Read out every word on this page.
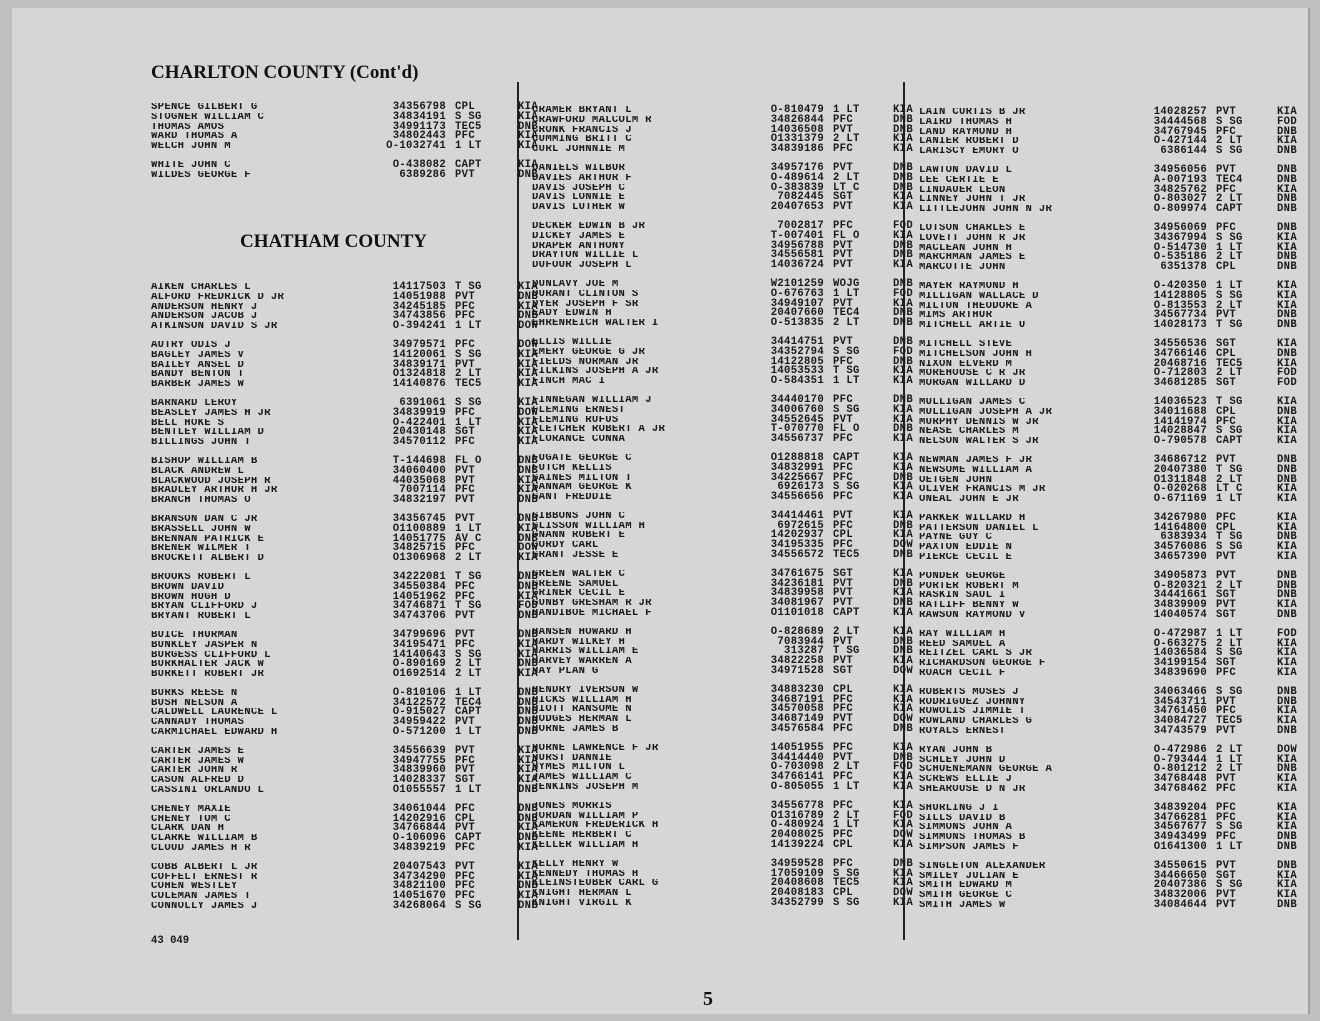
CHARLTON COUNTY (Cont'd)
SPENCE GILBERT G	34356798 CPL	KIA
STOGNER WILLIAM C	34834191 S SG	KIA
THOMAS AMOS	34991173 TEC5	DNB
WARD THOMAS A	34802443 PFC	KIA
WELCH JOHN M	O-1032741 1 LT	KIA
WHITE JOHN C	O-438082 CAPT	KIA
WILDES GEORGE F	6389286 PVT	DNB
CHATHAM COUNTY
AIKEN CHARLES L	14117503 T SG	KIA
ALFORD FREDRICK D JR	14051988 PVT	DNB
ANDERSON HENRY J	34245185 PFC	KIA
ANDERSON JACOB J	34743856 PFC	DNB
ATKINSON DAVID S JR	O-394241 1 LT	DOW
AUTRY ODIS J	34979571 PFC	DOW
BAGLEY JAMES V	14120061 S SG	KIA
BAILEY ANSEL D	34839171 PVT	KIA
BANDY BENTON T	O1324818 2 LT	KIA
BARBER JAMES W	14140876 TEC5	KIA
BARNARD LEROY	6391061 S SG	KIA
BEASLEY JAMES H JR	34839919 PFC	DOW
BELL HOKE S	O-422401 1 LT	KIA
BENTLEY WILLIAM D	20430148 SGT	KIA
BILLINGS JOHN T	34570112 PFC	KIA
BISHOP WILLIAM B	T-144698 FL O	DNB
BLACK ANDREW L	34060400 PVT	DNB
BLACKWOOD JOSEPH R	44035068 PVT	KIA
BRADLEY ARTHUR H JR	7007114 PFC	KIA
BRANCH THOMAS O	34832197 PVT	DNB
BRANSON DAN C JR	34356745 PVT	DNB
BRASSELL JOHN W	O1100889 1 LT	KIA
BRENNAN PATRICK E	14051775 AV C	DNB
BRENER WILMER T	34825715 PFC	DOW
BROCKETT ALBERT D	O1306968 2 LT	KIA
BROOKS ROBERT L	34222081 T SG	DNB
BROWN DAVID	34550384 PFC	DNB
BROWN HUGH D	14051962 PFC	KIA
BRYAN CLIFFORD J	34746871 T SG	FOD
BRYANT ROBERT L	34743706 PVT	DNB
BUICE THURMAN	34799696 PVT	DNB
BUNKLEY JASPER N	34195471 PFC	KIA
BURGESS CLIFFORD L	14140643 S SG	KIA
BURKHALTER JACK W	O-890169 2 LT	DNB
BURKETT ROBERT JR	O1692514 2 LT	KIA
BURKS REESE N	O-810106 1 LT	DNB
BUSH NELSON A	34122572 TEC4	DNB
CALDWELL LAURENCE L	O-915027 CAPT	DNB
CANNADY THOMAS	34959422 PVT	DNB
CARMICHAEL EDWARD H	O-571200 1 LT	DNB
CARTER JAMES E	34556639 PVT	KIA
CARTER JAMES W	34947755 PFC	KIA
CARTER JOHN R	34839960 PVT	KIA
CASON ALFRED D	14028337 SGT	KIA
CASSINI ORLANDO L	O1055557 1 LT	DNB
CHENEY MAXIE	34061044 PFC	DNB
CHENEY TOM C	14202916 CPL	DNB
CLARK DAN H	34766844 PVT	KIA
CLARKE WILLIAM B	O-106096 CAPT	DNB
CLOUD JAMES H R	34839219 PFC	KIA
COBB ALBERT L JR	20407543 PVT	KIA
COFFELT ERNEST R	34734290 PFC	KIA
COHEN WESTLEY	34821100 PFC	DNB
COLEMAN JAMES T	14051670 PFC	KIA
CONNOLLY JAMES J	34268064 S SG	DNB
CRAMER BRYANT L	O-810479 1 LT	KIA
CRAWFORD MALCOLM R	34826844 PFC	DNB
CRONK FRANCIS J	14036508 PVT	DNB
CUMMING BRITT C	O1331379 2 LT	KIA
CURL JOHNNIE M	34839186 PFC	KIA
DANIELS WILBUR	34957176 PVT	DNB
DAVIES ARTHUR F	O-489614 2 LT	DNB
DAVIS JOSEPH C	O-383839 LT C	DNB
DAVIS LONNIE E	7082445 SGT	KIA
DAVIS LUTHER W	20407653 PVT	KIA
DECKER EDWIN B JR	7002817 PFC	FOD
DICKEY JAMES E	T-007401 FL O	KIA
DRAPER ANTHONY	34956788 PVT	DNB
DRAYTON WILLIE L	34556581 PVT	DNB
DUFOUR JOSEPH L	14036724 PVT	KIA
DUNLAVY JOE M	W2101259 WOJG	DNB
DURANT CLINTON S	O-676763 1 LT	FOD
DYER JOSEPH F SR	34949107 PVT	KIA
EADY EDWIN H	20407660 TEC4	DNB
EHRENREICH WALTER I	O-513835 2 LT	DNB
ELLIS WILLIE	34414751 PVT	DNB
EMERY GEORGE G JR	34352794 S SG	FOD
FIELDS NORMAN JR	14122805 PFC	DNB
FILKINS JOSEPH A JR	14053533 T SG	KIA
FINCH MAC I	O-584351 1 LT	KIA
FINNEGAN WILLIAM J	34440170 PFC	DNB
FLEMING ERNEST	34006760 S SG	KIA
FLEMING RUFUS	34552645 PVT	KIA
FLETCHER ROBERT A JR	T-070770 FL O	DNB
FLORANCE CONNA	34556737 PFC	KIA
FUGATE GEORGE C	O1288818 CAPT	KIA
FUTCH KELLIS	34832991 PFC	KIA
GAINES MILTON T	34225667 PFC	DNB
GANNAM GEORGE K	6926173 S SG	KIA
GANT FREDDIE	34556656 PFC	KIA
GIBBONS JOHN C	34414461 PVT	KIA
GLISSON WILLIAM H	6972615 PFC	DNB
GNANN ROBERT E	14202937 CPL	KIA
GORDY CARL	34195335 PFC	DOW
GRANT JESSE E	34556572 TEC5	DNB
GREEN WALTER C	34761675 SGT	KIA
GREENE SAMUEL	34236181 PVT	DNB
GRINER CECIL E	34839958 PVT	KIA
GUNBY GRESHAM R JR	34081967 PVT	DNB
HANDIBOE MICHAEL F	O1101018 CAPT	KIA
HANSEN HOWARD H	O-828689 2 LT	KIA
HARDY WILKEY H	7083944 PVT	DNB
HARRIS WILLIAM E	313287 T SG	DNB
HARVEY WARREN A	34822258 PVT	KIA
HAY PLAN G	34971528 SGT	DOW
HENDRY IVERSON W	34883230 CPL	KIA
HICKS WILLIAM H	34687191 PFC	KIA
HIOTT RANSOME N	34570058 PFC	KIA
HODGES HERMAN L	34687149 PVT	DOW
HORNE JAMES B	34576584 PFC	DNB
HORNE LAWRENCE F JR	14051955 PFC	KIA
HURST DANNIE	34414440 PVT	DNB
HYMES MILTON L	O-703098 2 LT	FOD
JAMES WILLIAM C	34766141 PFC	KIA
JENKINS JOSEPH M	O-805055 1 LT	KIA
JONES MORRIS	34556778 PFC	KIA
JORDAN WILLIAM P	O1316789 2 LT	FOD
KAMERON FREDERICK H	O-480924 1 LT	KIA
KEENE HERBERT C	20408025 PFC	DOW
KELLER WILLIAM H	14139224 CPL	KIA
KELLY HENRY W	34959528 PFC	DNB
KENNEDY THOMAS H	17059109 S SG	KIA
KLEINSTEUBER CARL G	20408608 TEC5	KIA
KNIGHT HERMAN L	20408183 CPL	DOW
KNIGHT VIRGIL K	34352799 S SG	KIA
LAIN CURTIS B JR	14028257 PVT	KIA
LAIRD THOMAS H	34444568 S SG	FOD
LAND RAYMOND H	34767945 PFC	DNB
LANIER ROBERT D	O-427144 2 LT	KIA
LARISCY EMORY O	6386144 S SG	DNB
LAWTON DAVID L	34956056 PVT	DNB
LEE CERTIE E	A-007193 TEC4	DNB
LINDAUER LEON	34825762 PFC	KIA
LINNEY JOHN T JR	O-803027 2 LT	DNB
LITTLEJOHN JOHN N JR	O-809974 CAPT	DNB
LOTSON CHARLES E	34956069 PFC	DNB
LOVETT JOHN R JR	34367994 S SG	KIA
MACLEAN JOHN H	O-514730 1 LT	KIA
MARCHMAN JAMES E	O-535186 2 LT	DNB
MARCOTTE JOHN	6351378 CPL	DNB
MAYER RAYMOND H	O-420350 1 LT	KIA
MILLIGAN WALLACE D	14128805 S SG	KIA
MILTON THEODORE A	O-813553 2 LT	KIA
MIMS ARTHUR	34567734 PVT	DNB
MITCHELL ARTIE U	14028173 T SG	DNB
MITCHELL STEVE	34556536 SGT	KIA
MITCHELSON JOHN H	34766146 CPL	DNB
NIXON ELVERD M	20468716 TEC5	KIA
MOREHOUSE C R JR	O-712803 2 LT	FOD
MORGAN WILLARD D	34681285 SGT	FOD
MULLIGAN JAMES C	14036523 T SG	KIA
MULLIGAN JOSEPH A JR	34011688 CPL	DNB
MURPHY DENNIS W JR	14141974 PFC	KIA
NEASE CHARLES M	14028847 S SG	KIA
NELSON WALTER S JR	O-790578 CAPT	KIA
NEWMAN JAMES F JR	34686712 PVT	DNB
NEWSOME WILLIAM A	20407380 T SG	DNB
OETGEN JOHN	O1311848 2 LT	DNB
OLIVER FRANCIS M JR	O-020268 LT C	KIA
ONEAL JOHN E JR	O-671169 1 LT	KIA
PARKER WILLARD H	34267980 PFC	KIA
PATTERSON DANIEL L	14164800 CPL	KIA
PAYNE GUY C	6383934 T SG	DNB
PAXTON EDDIE N	34576086 S SG	KIA
PIERCE CECIL E	34657390 PVT	KIA
PONDER GEORGE	34905873 PVT	DNB
PORTER ROBERT M	O-820321 2 LT	DNB
RASKIN SAUL I	34441661 SGT	DNB
RATLIFF BENNY W	34839909 PVT	KIA
RAWSON RAYMOND V	14040574 SGT	DNB
RAY WILLIAM H	O-472987 1 LT	FOD
REED SAMUEL A	O-663275 2 LT	KIA
REITZEL CARL S JR	14036584 S SG	KIA
RICHARDSON GEORGE F	34199154 SGT	KIA
ROACH CECIL F	34839690 PFC	KIA
ROBERTS MOSES J	34063466 S SG	DNB
RODRIGUEZ JOHNNY	34543711 PVT	DNB
ROWOLIS JIMMIE T	34761450 PFC	KIA
ROWLAND CHARLES G	34084727 TEC5	KIA
ROYALS ERNEST	34743579 PVT	DNB
RYAN JOHN B	O-472986 2 LT	DOW
SCHLEY JOHN D	O-793444 1 LT	KIA
SCHUENEMANN GEORGE A	O-801212 2 LT	DNB
SCREWS ELLIE J	34768448 PVT	KIA
SHEAROUSE D N JR	34768462 PFC	KIA
SHURLING J I	34839204 PFC	KIA
SILLS DAVID B	34766281 PFC	KIA
SIMMONS JOHN A	34567677 S SG	KIA
SIMMONS THOMAS B	34943499 PFC	DNB
SIMPSON JAMES F	O1641300 1 LT	DNB
SINGLETON ALEXANDER	34550615 PVT	DNB
SMILEY JULIAN E	34466650 SGT	KIA
SMITH EDWARD M	20407386 S SG	KIA
SMITH GEORGE C	34832006 PVT	KIA
SMITH JAMES W	34084644 PVT	DNB

43 049

5
